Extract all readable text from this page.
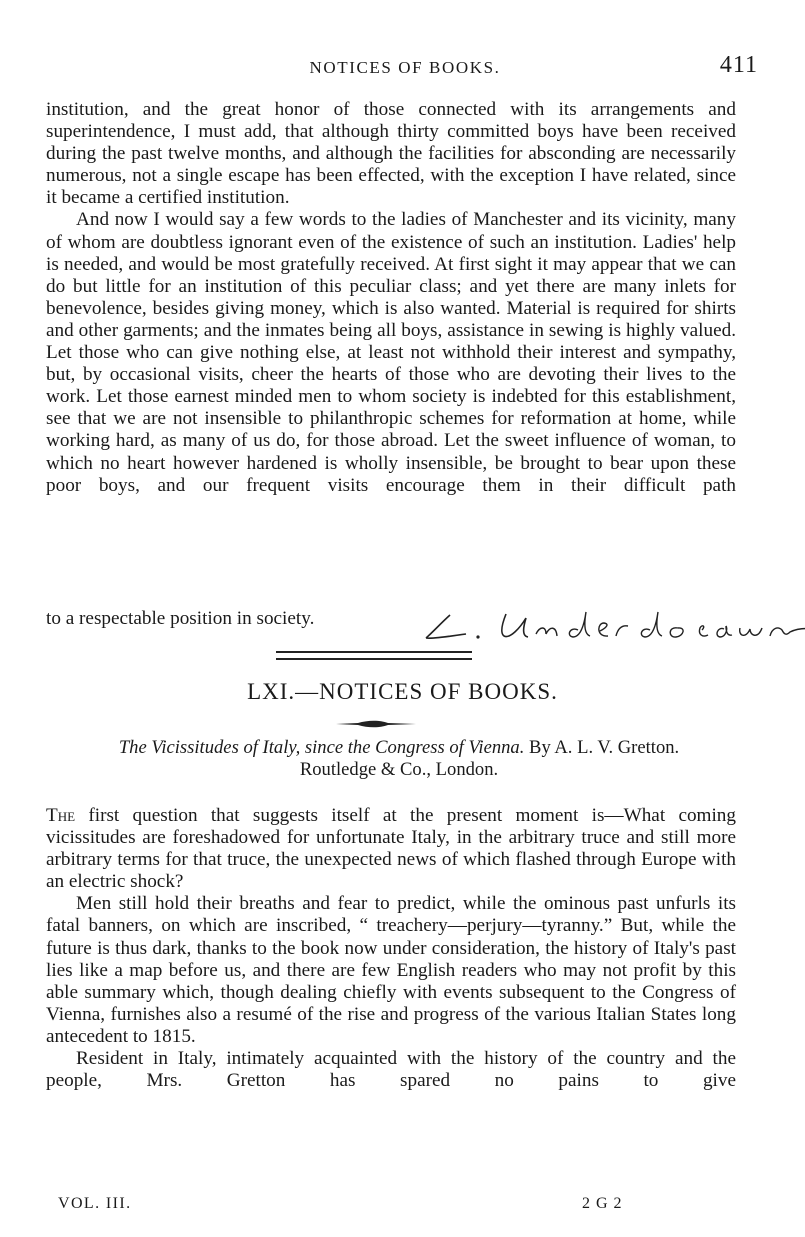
NOTICES OF BOOKS.	411

institution, and the great honor of those connected with its arrangements and superintendence, I must add, that although thirty committed boys have been received during the past twelve months, and although the facilities for absconding are necessarily numerous, not a single escape has been effected, with the exception I have related, since it became a certified institution.

And now I would say a few words to the ladies of Manchester and its vicinity, many of whom are doubtless ignorant even of the existence of such an institution. Ladies' help is needed, and would be most gratefully received. At first sight it may appear that we can do but little for an institution of this peculiar class; and yet there are many inlets for benevolence, besides giving money, which is also wanted. Material is required for shirts and other garments; and the inmates being all boys, assistance in sewing is highly valued. Let those who can give nothing else, at least not withhold their interest and sympathy, but, by occasional visits, cheer the hearts of those who are devoting their lives to the work. Let those earnest minded men to whom society is indebted for this establishment, see that we are not insensible to philanthropic schemes for reformation at home, while working hard, as many of us do, for those abroad. Let the sweet influence of woman, to which no heart however hardened is wholly insensible, be brought to bear upon these poor boys, and our frequent visits encourage them in their difficult path

to a respectable position in society.
LXI.—NOTICES OF BOOKS.
The Vicissitudes of Italy, since the Congress of Vienna. By A. L. V. Gretton.
Routledge & Co., London.

The first question that suggests itself at the present moment is—What coming vicissitudes are foreshadowed for unfortunate Italy, in the arbitrary truce and still more arbitrary terms for that truce, the unexpected news of which flashed through Europe with an electric shock?

Men still hold their breaths and fear to predict, while the ominous past unfurls its fatal banners, on which are inscribed, “ treachery—perjury—tyranny.” But, while the future is thus dark, thanks to the book now under consideration, the history of Italy's past lies like a map before us, and there are few English readers who may not profit by this able summary which, though dealing chiefly with events subsequent to the Congress of Vienna, furnishes also a resumé of the rise and progress of the various Italian States long antecedent to 1815.

Resident in Italy, intimately acquainted with the history of the country and the people, Mrs. Gretton has spared no pains to give

VOL. III.	2 G 2
